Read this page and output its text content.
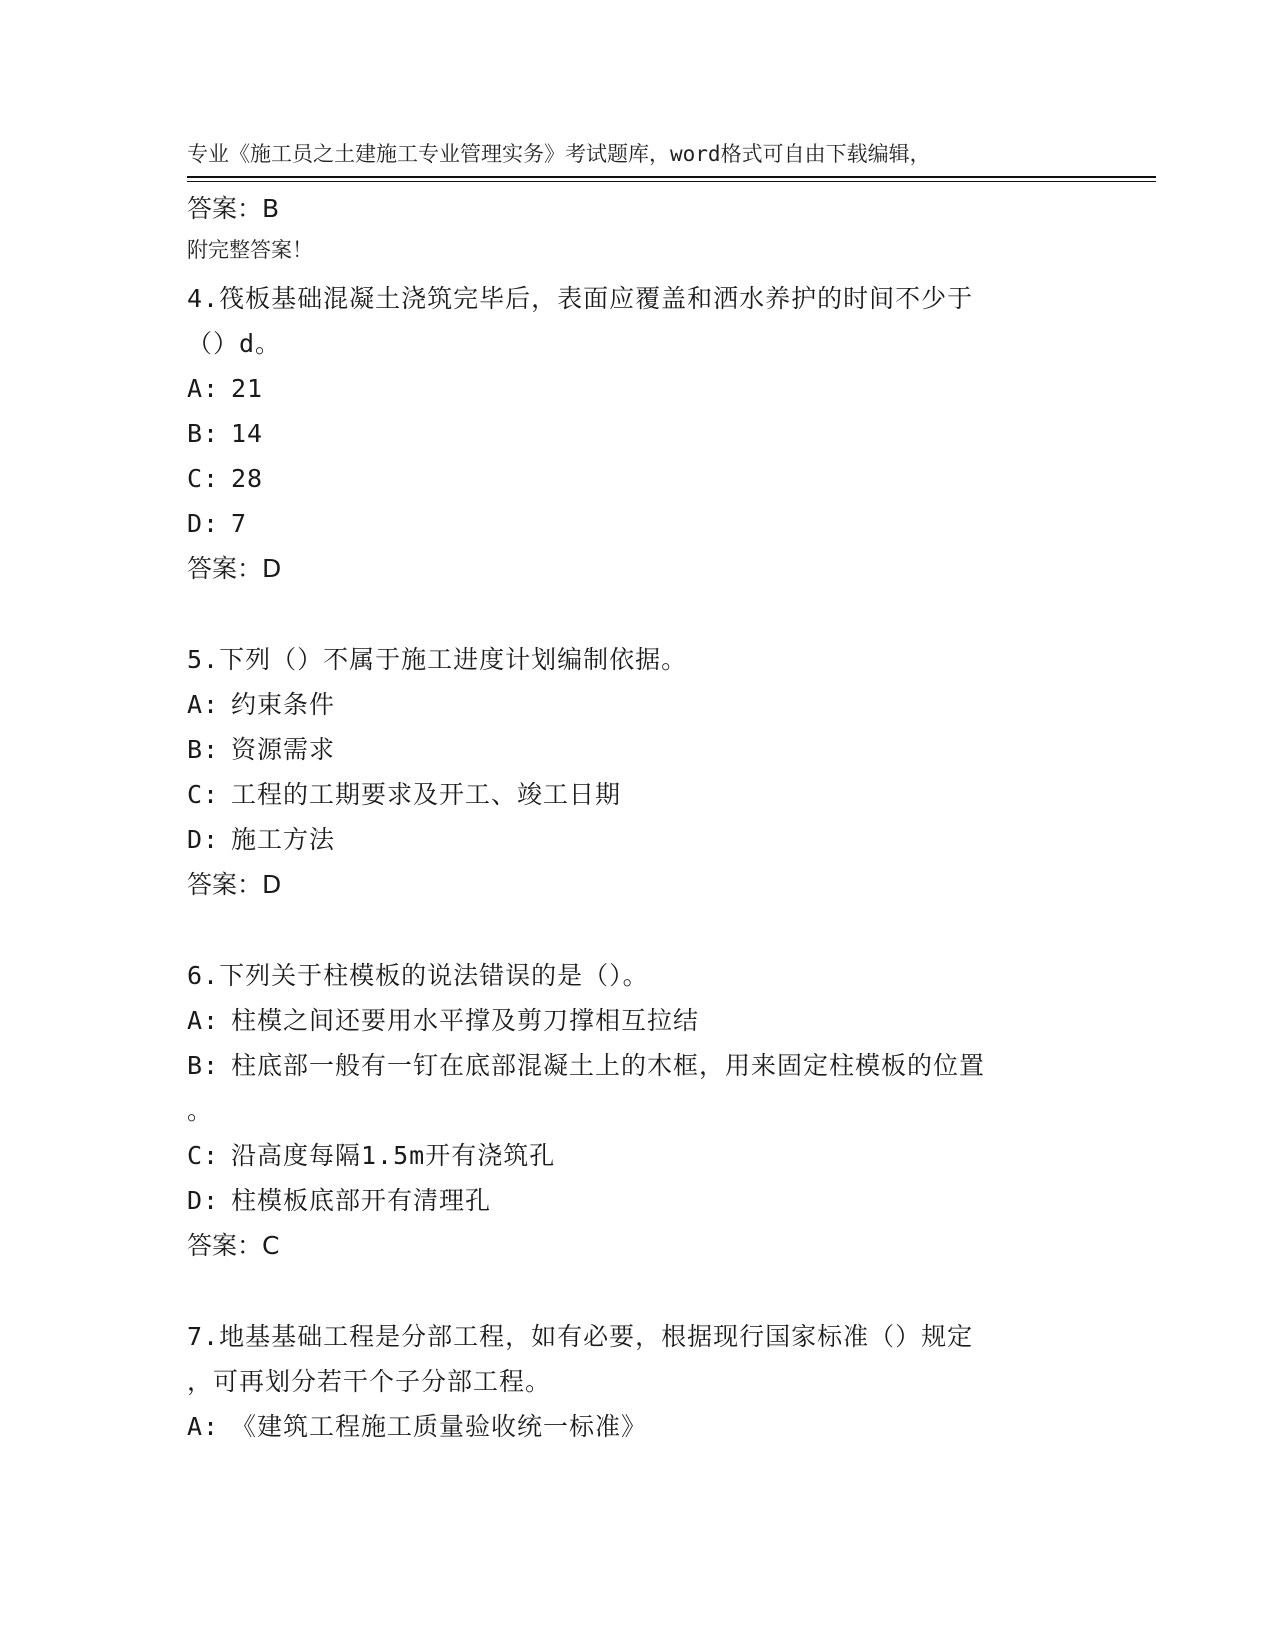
专业《施工员之土建施工专业管理实务》考试题库，word格式可自由下载编辑，

附完整答案！

答案：B
4.筏板基础混凝土浇筑完毕后，表面应覆盖和洒水养护的时间不少于
（）d。
A: 21
B: 14
C: 28
D: 7
答案：D
5.下列（）不属于施工进度计划编制依据。
A: 约束条件
B: 资源需求
C: 工程的工期要求及开工、竣工日期
D: 施工方法
答案：D
6.下列关于柱模板的说法错误的是（）。
A: 柱模之间还要用水平撑及剪刀撑相互拉结
B: 柱底部一般有一钉在底部混凝土上的木框，用来固定柱模板的位置
。
C: 沿高度每隔1.5m开有浇筑孔
D: 柱模板底部开有清理孔
答案：C
7.地基基础工程是分部工程，如有必要，根据现行国家标准（）规定
，可再划分若干个子分部工程。
A: 《建筑工程施工质量验收统一标准》
